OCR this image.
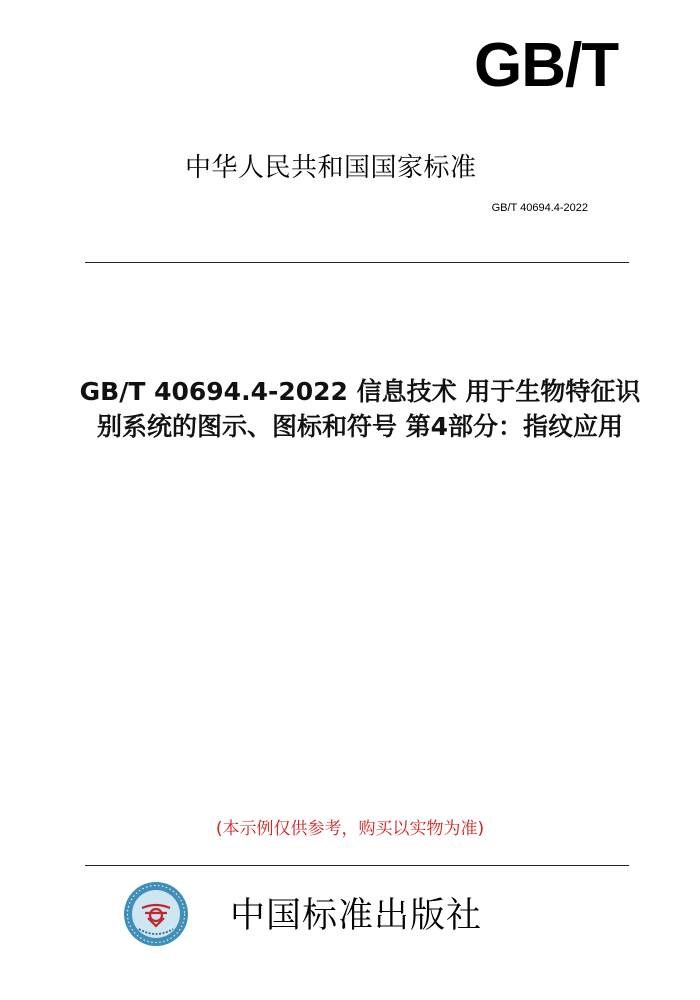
GB/T
中华人民共和国国家标准
GB/T 40694.4-2022
GB/T 40694.4-2022 信息技术 用于生物特征识
别系统的图示、图标和符号 第4部分：指纹应用
(本示例仅供参考，购买以实物为准)
中国标准出版社
